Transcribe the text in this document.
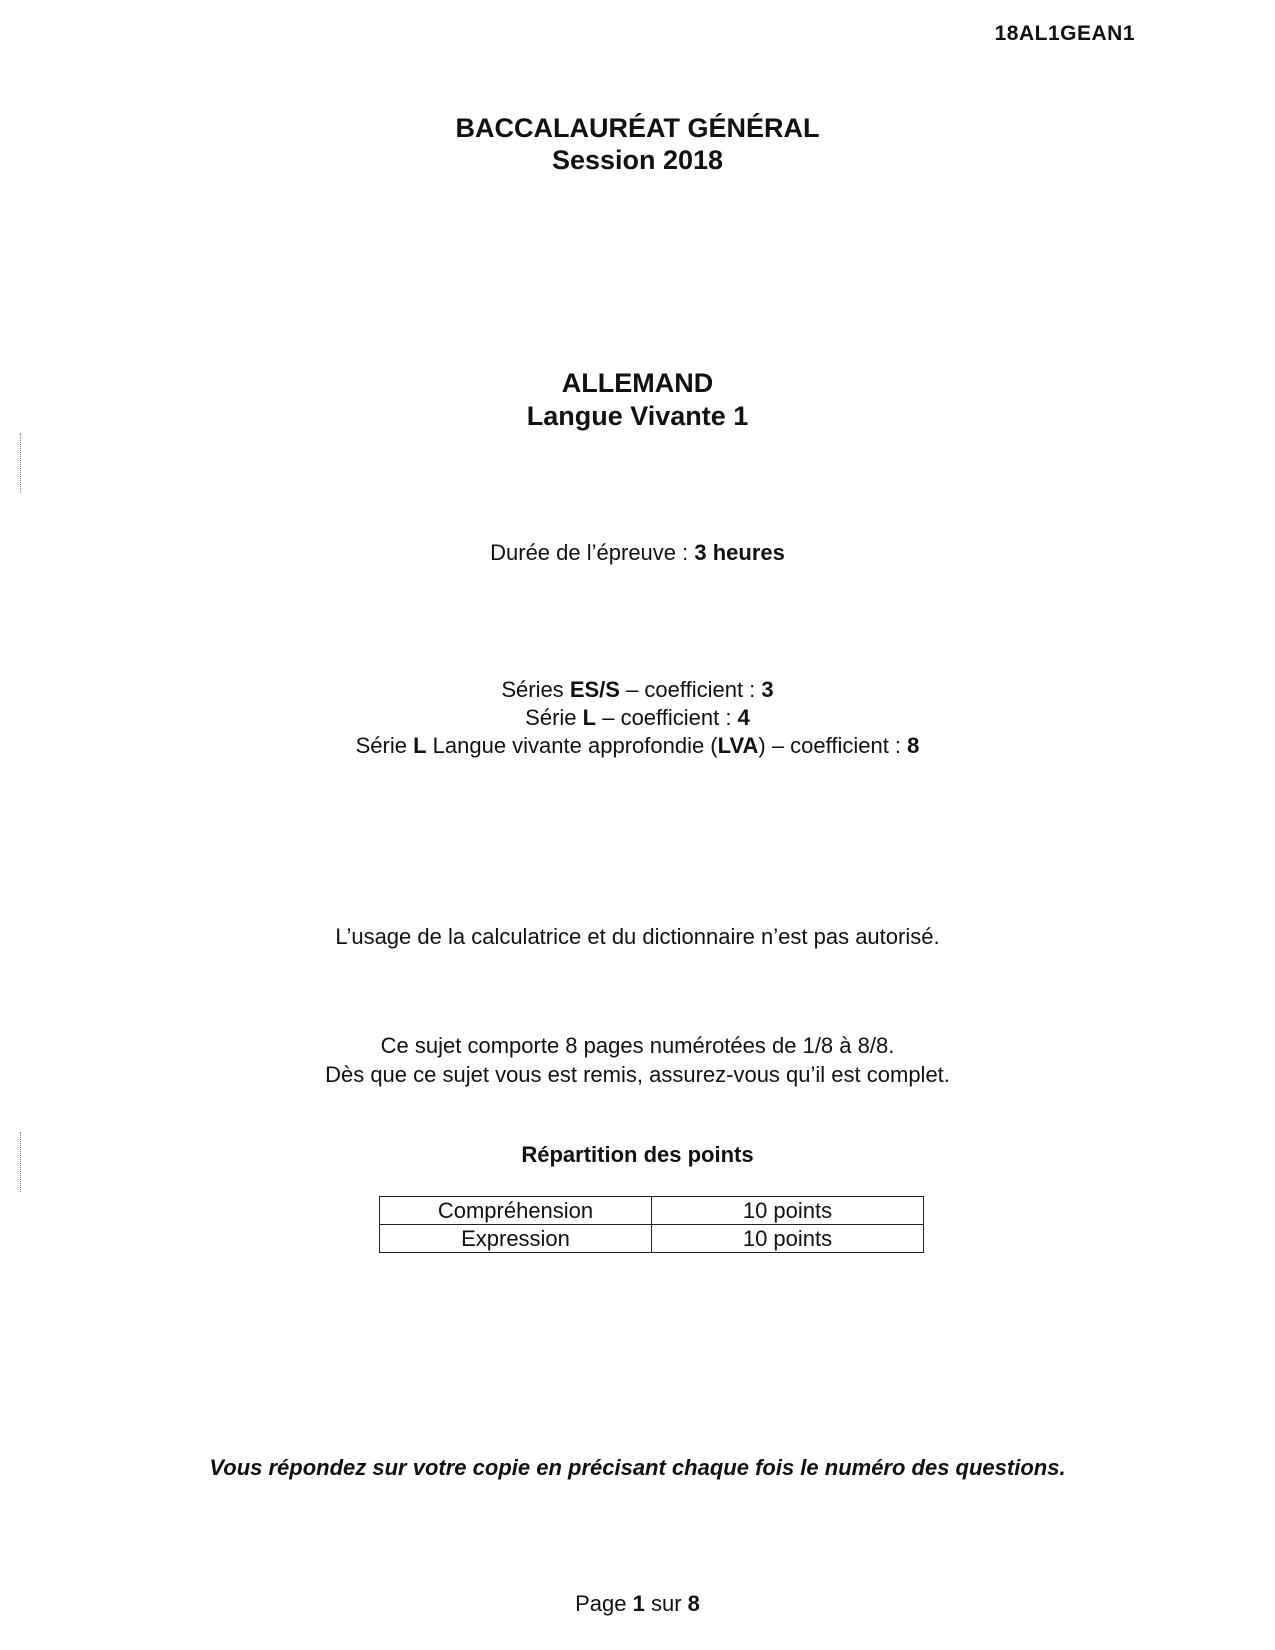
18AL1GEAN1
BACCALAURÉAT GÉNÉRAL
Session 2018
ALLEMAND
Langue Vivante 1
Durée de l’épreuve : 3 heures
Séries ES/S – coefficient : 3
Série L – coefficient : 4
Série L Langue vivante approfondie (LVA) – coefficient : 8
L’usage de la calculatrice et du dictionnaire n’est pas autorisé.
Ce sujet comporte 8 pages numérotées de 1/8 à 8/8.
Dès que ce sujet vous est remis, assurez-vous qu’il est complet.
Répartition des points
Compréhension	10 points
Expression	10 points
Vous répondez sur votre copie en précisant chaque fois le numéro des questions.
Page 1 sur 8
